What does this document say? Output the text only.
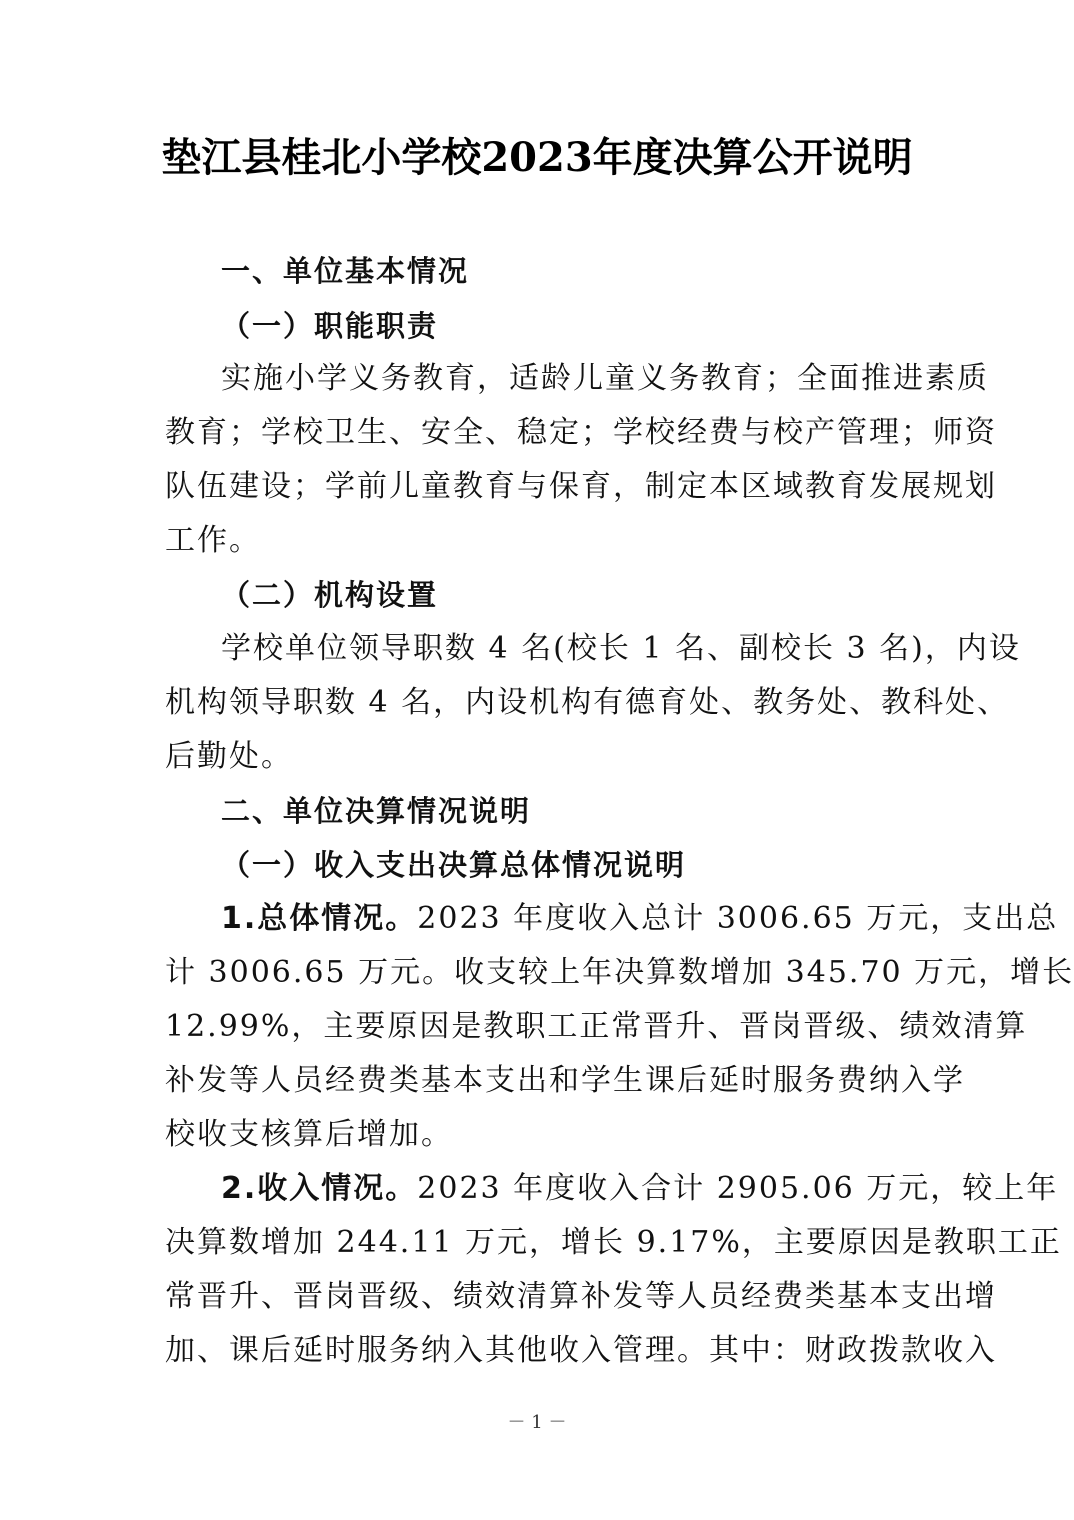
垫江县桂北小学校2023年度决算公开说明

一、单位基本情况

（一）职能职责

实施小学义务教育，适龄儿童义务教育；全面推进素质

教育；学校卫生、安全、稳定；学校经费与校产管理；师资

队伍建设；学前儿童教育与保育，制定本区域教育发展规划

工作。

（二）机构设置

学校单位领导职数 4 名(校长 1 名、副校长 3 名)，内设

机构领导职数 4 名，内设机构有德育处、教务处、教科处、

后勤处。

二、单位决算情况说明

（一）收入支出决算总体情况说明

1.总体情况。 2023 年度收入总计 3006.65 万元，支出总

计 3006.65 万元。收支较上年决算数增加 345.70 万元，增长

12.99%，主要原因是教职工正常晋升、晋岗晋级、绩效清算

补发等人员经费类基本支出和学生课后延时服务费纳入学

校收支核算后增加。

2.收入情况。 2023 年度收入合计 2905.06 万元，较上年

决算数增加 244.11 万元，增长 9.17%，主要原因是教职工正

常晋升、晋岗晋级、绩效清算补发等人员经费类基本支出增

加、课后延时服务纳入其他收入管理。其中：财政拨款收入

－ 1 －
